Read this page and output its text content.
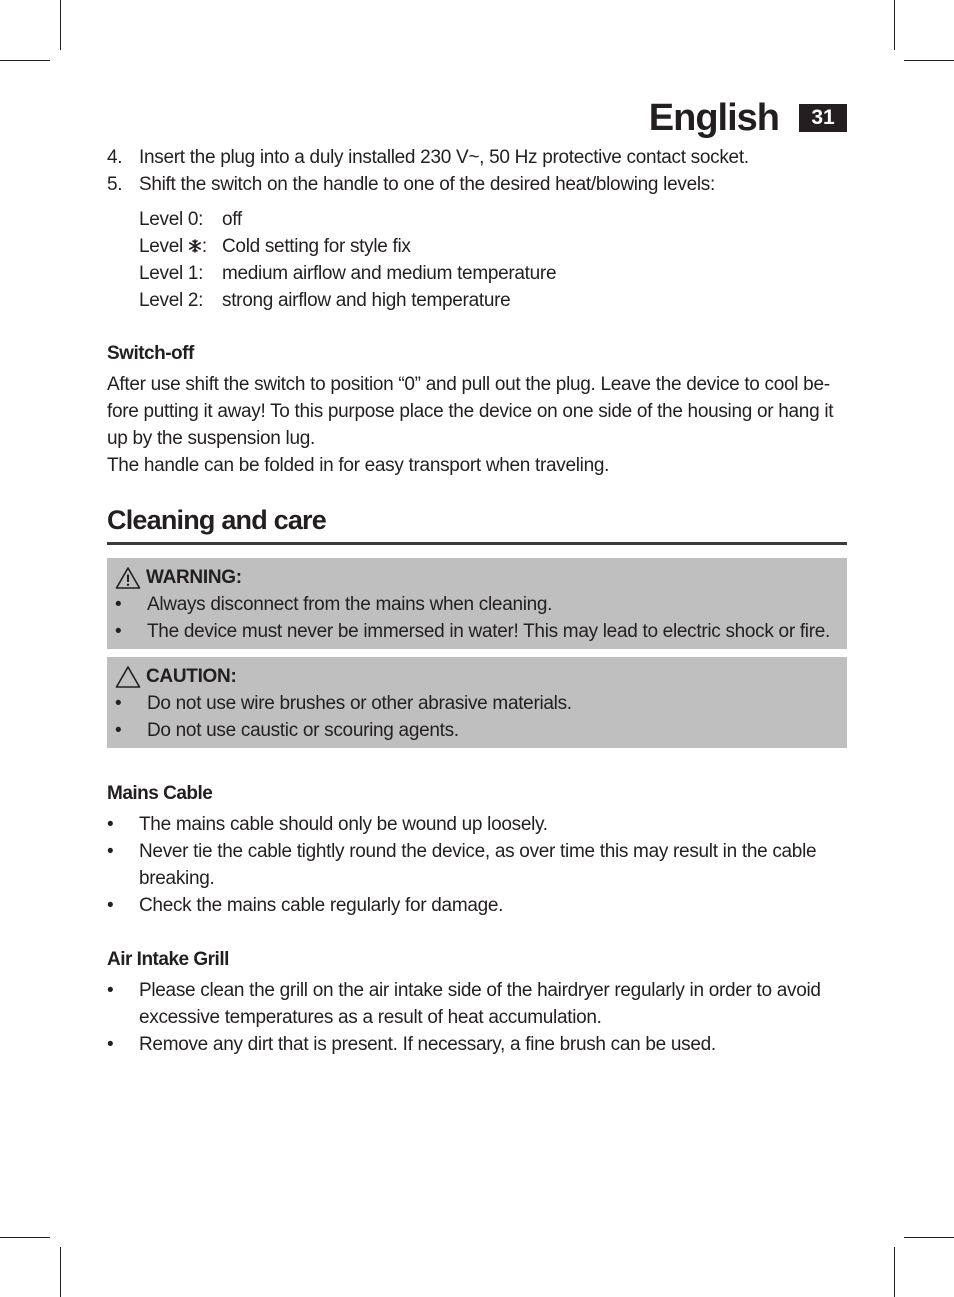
English	31
4. Insert the plug into a duly installed 230 V~, 50 Hz protective contact socket.
5. Shift the switch on the handle to one of the desired heat/blowing levels:
Level 0: off
Level : Cold setting for style fix
Level 1: medium airflow and medium temperature
Level 2: strong airflow and high temperature
Switch-off
After use shift the switch to position “0” and pull out the plug. Leave the device to cool be-
fore putting it away! To this purpose place the device on one side of the housing or hang it
up by the suspension lug.
The handle can be folded in for easy transport when traveling.
Cleaning and care
WARNING:
•	Always disconnect from the mains when cleaning.
•	The device must never be immersed in water! This may lead to electric shock or fire.
CAUTION:
•	Do not use wire brushes or other abrasive materials.
•	Do not use caustic or scouring agents.
Mains Cable
•	The mains cable should only be wound up loosely.
•	Never tie the cable tightly round the device, as over time this may result in the cable
breaking.
•	Check the mains cable regularly for damage.
Air Intake Grill
•	Please clean the grill on the air intake side of the hairdryer regularly in order to avoid
excessive temperatures as a result of heat accumulation.
•	Remove any dirt that is present. If necessary, a fine brush can be used.
